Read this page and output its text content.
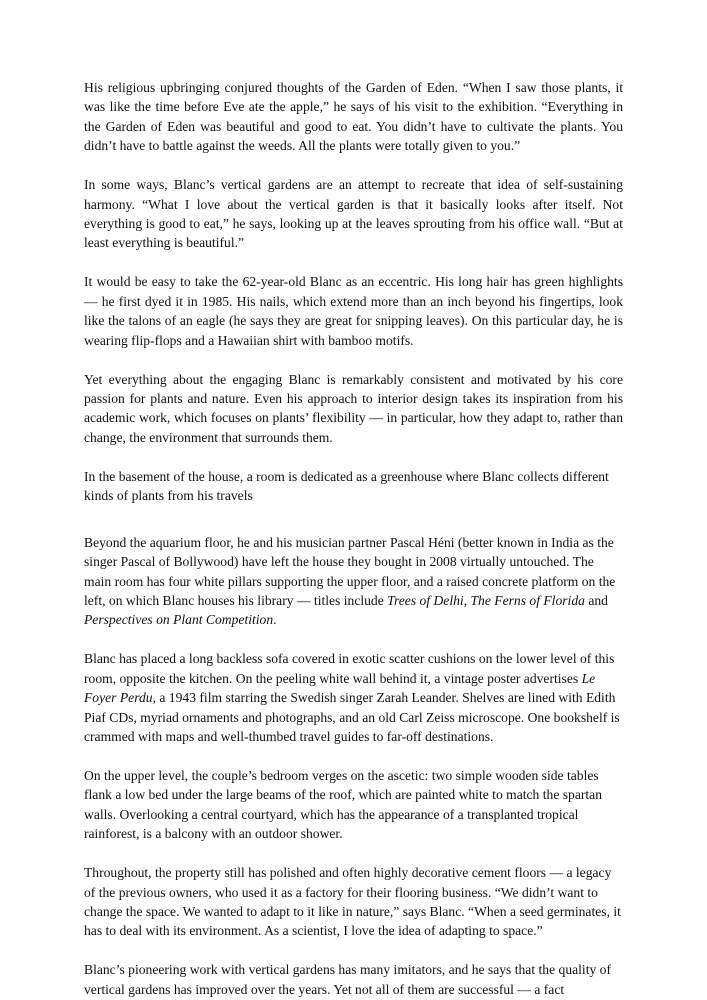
His religious upbringing conjured thoughts of the Garden of Eden. “When I saw those plants, it was like the time before Eve ate the apple,” he says of his visit to the exhibition. “Everything in the Garden of Eden was beautiful and good to eat. You didn’t have to cultivate the plants. You didn’t have to battle against the weeds. All the plants were totally given to you.”

In some ways, Blanc’s vertical gardens are an attempt to recreate that idea of self-sustaining harmony. “What I love about the vertical garden is that it basically looks after itself. Not everything is good to eat,” he says, looking up at the leaves sprouting from his office wall. “But at least everything is beautiful.”

It would be easy to take the 62-year-old Blanc as an eccentric. His long hair has green highlights — he first dyed it in 1985. His nails, which extend more than an inch beyond his fingertips, look like the talons of an eagle (he says they are great for snipping leaves). On this particular day, he is wearing flip-flops and a Hawaiian shirt with bamboo motifs.

Yet everything about the engaging Blanc is remarkably consistent and motivated by his core passion for plants and nature. Even his approach to interior design takes its inspiration from his academic work, which focuses on plants’ flexibility — in particular, how they adapt to, rather than change, the environment that surrounds them.

In the basement of the house, a room is dedicated as a greenhouse where Blanc collects different kinds of plants from his travels

Beyond the aquarium floor, he and his musician partner Pascal Héni (better known in India as the singer Pascal of Bollywood) have left the house they bought in 2008 virtually untouched. The main room has four white pillars supporting the upper floor, and a raised concrete platform on the left, on which Blanc houses his library — titles include Trees of Delhi, The Ferns of Florida and Perspectives on Plant Competition.

Blanc has placed a long backless sofa covered in exotic scatter cushions on the lower level of this room, opposite the kitchen. On the peeling white wall behind it, a vintage poster advertises Le Foyer Perdu, a 1943 film starring the Swedish singer Zarah Leander. Shelves are lined with Edith Piaf CDs, myriad ornaments and photographs, and an old Carl Zeiss microscope. One bookshelf is crammed with maps and well-thumbed travel guides to far-off destinations.

On the upper level, the couple’s bedroom verges on the ascetic: two simple wooden side tables flank a low bed under the large beams of the roof, which are painted white to match the spartan walls. Overlooking a central courtyard, which has the appearance of a transplanted tropical rainforest, is a balcony with an outdoor shower.

Throughout, the property still has polished and often highly decorative cement floors — a legacy of the previous owners, who used it as a factory for their flooring business. “We didn’t want to change the space. We wanted to adapt to it like in nature,” says Blanc. “When a seed germinates, it has to deal with its environment. As a scientist, I love the idea of adapting to space.”

Blanc’s pioneering work with vertical gardens has many imitators, and he says that the quality of vertical gardens has improved over the years. Yet not all of them are successful — a fact
